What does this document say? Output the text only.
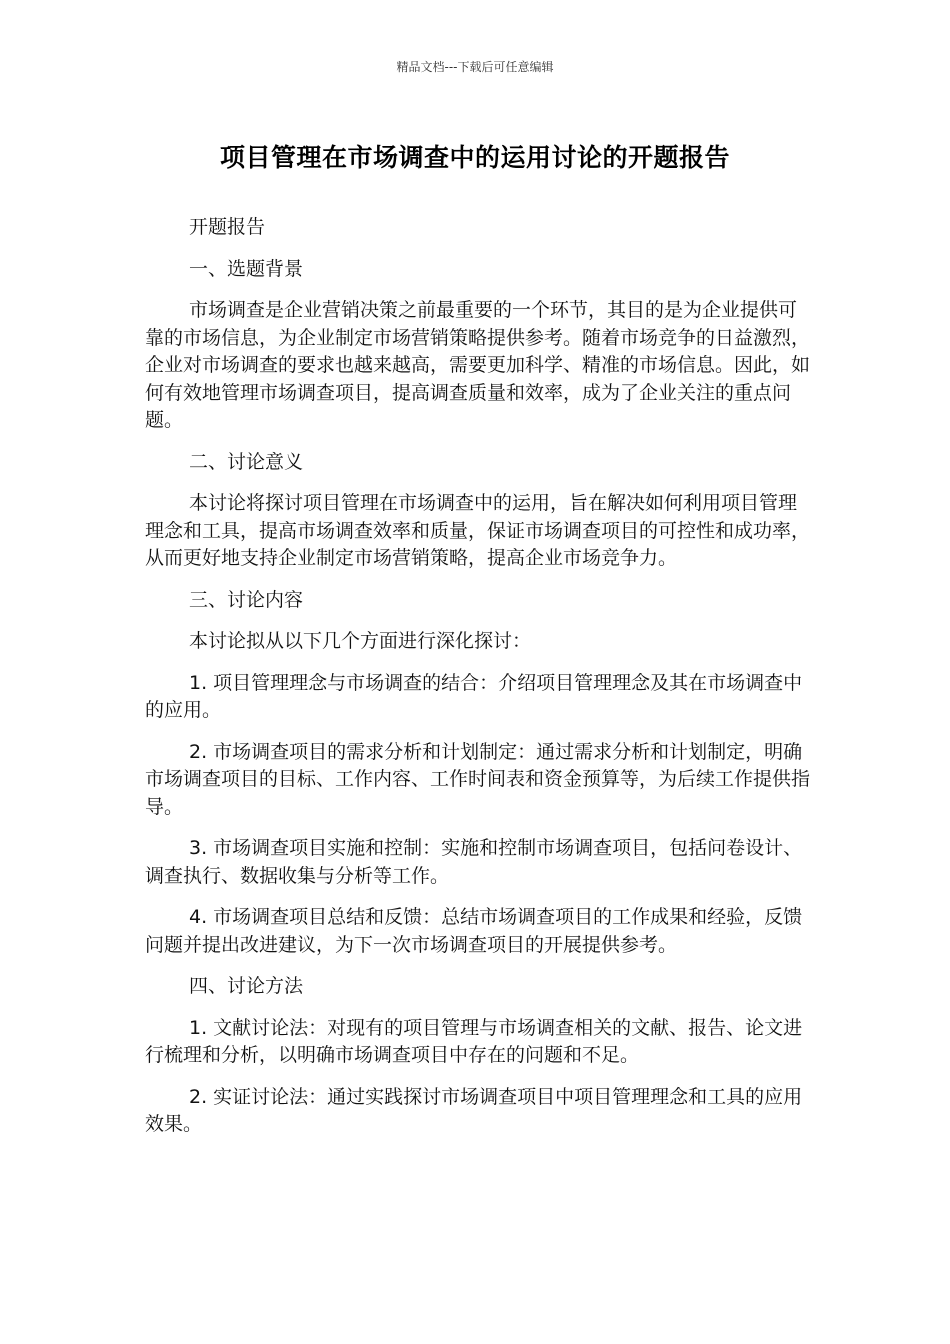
精品文档---下载后可任意编辑
项目管理在市场调查中的运用讨论的开题报告

开题报告

一、选题背景

市场调查是企业营销决策之前最重要的一个环节，其目的是为企业提供可靠的市场信息，为企业制定市场营销策略提供参考。随着市场竞争的日益激烈，企业对市场调查的要求也越来越高，需要更加科学、精准的市场信息。因此，如何有效地管理市场调查项目，提高调查质量和效率，成为了企业关注的重点问题。

二、讨论意义

本讨论将探讨项目管理在市场调查中的运用，旨在解决如何利用项目管理理念和工具，提高市场调查效率和质量，保证市场调查项目的可控性和成功率，从而更好地支持企业制定市场营销策略，提高企业市场竞争力。

三、讨论内容

本讨论拟从以下几个方面进行深化探讨：

1. 项目管理理念与市场调查的结合：介绍项目管理理念及其在市场调查中的应用。

2. 市场调查项目的需求分析和计划制定：通过需求分析和计划制定，明确市场调查项目的目标、工作内容、工作时间表和资金预算等，为后续工作提供指导。

3. 市场调查项目实施和控制：实施和控制市场调查项目，包括问卷设计、调查执行、数据收集与分析等工作。

4. 市场调查项目总结和反馈：总结市场调查项目的工作成果和经验，反馈问题并提出改进建议，为下一次市场调查项目的开展提供参考。

四、讨论方法

1. 文献讨论法：对现有的项目管理与市场调查相关的文献、报告、论文进行梳理和分析，以明确市场调查项目中存在的问题和不足。

2. 实证讨论法：通过实践探讨市场调查项目中项目管理理念和工具的应用效果。
